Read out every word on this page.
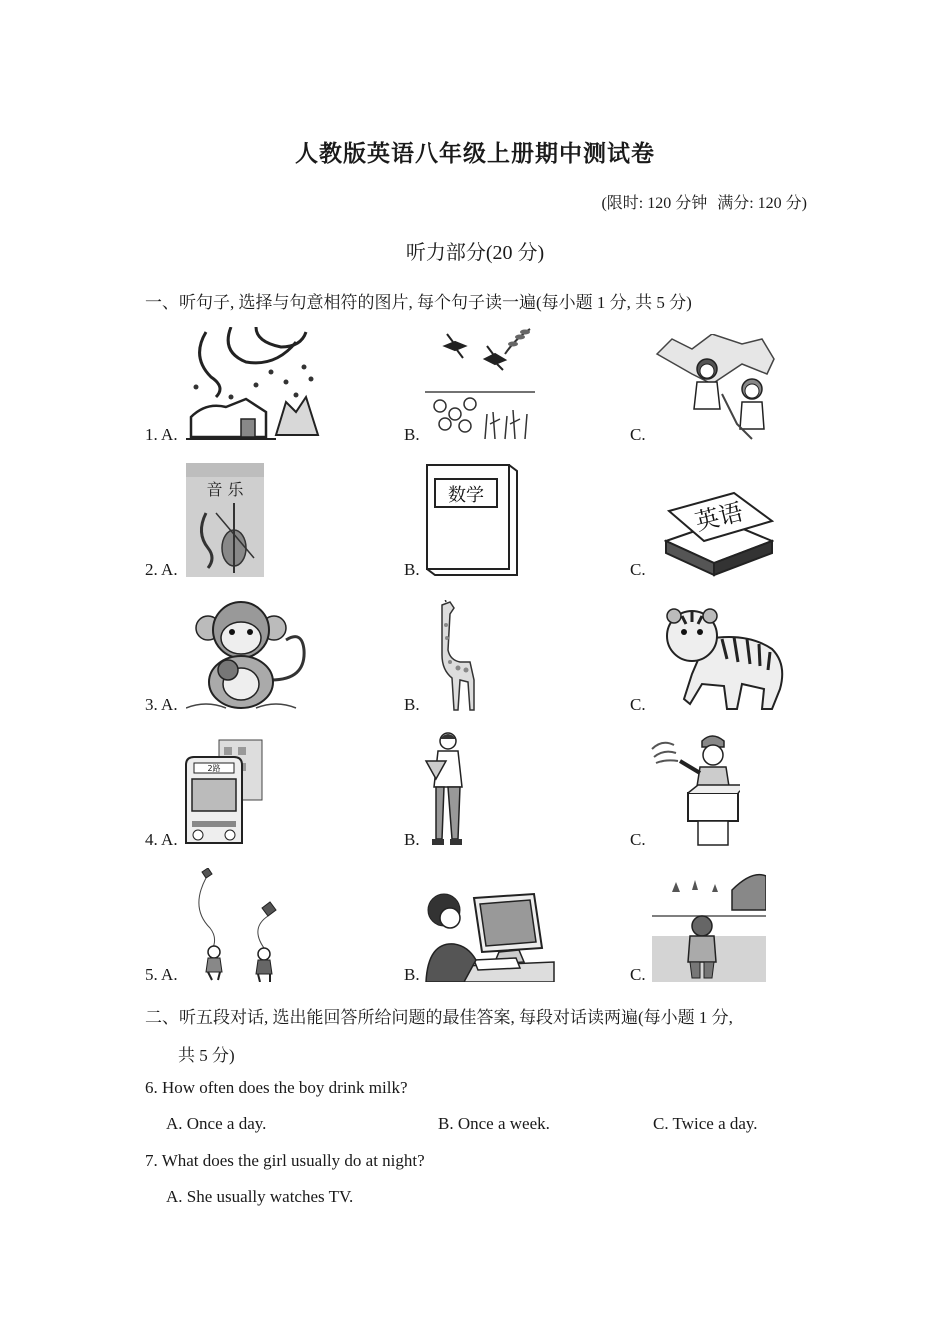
人教版英语八年级上册期中测试卷
(限时: 120 分钟 满分: 120 分)
听力部分(20 分)
一、听句子, 选择与句意相符的图片, 每个句子读一遍(每小题 1 分, 共 5 分)
1. A.	B.	C.
2. A.
音 乐
B.
数学
C.
英语
3. A.	B.	C.
4. A.
2路
B.	C.
5. A.	B.	C.
二、听五段对话, 选出能回答所给问题的最佳答案, 每段对话读两遍(每小题 1 分,
共 5 分)
6. How often does the boy drink milk?
A. Once a day.	B. Once a week.	C. Twice a day.
7. What does the girl usually do at night?
A. She usually watches TV.
